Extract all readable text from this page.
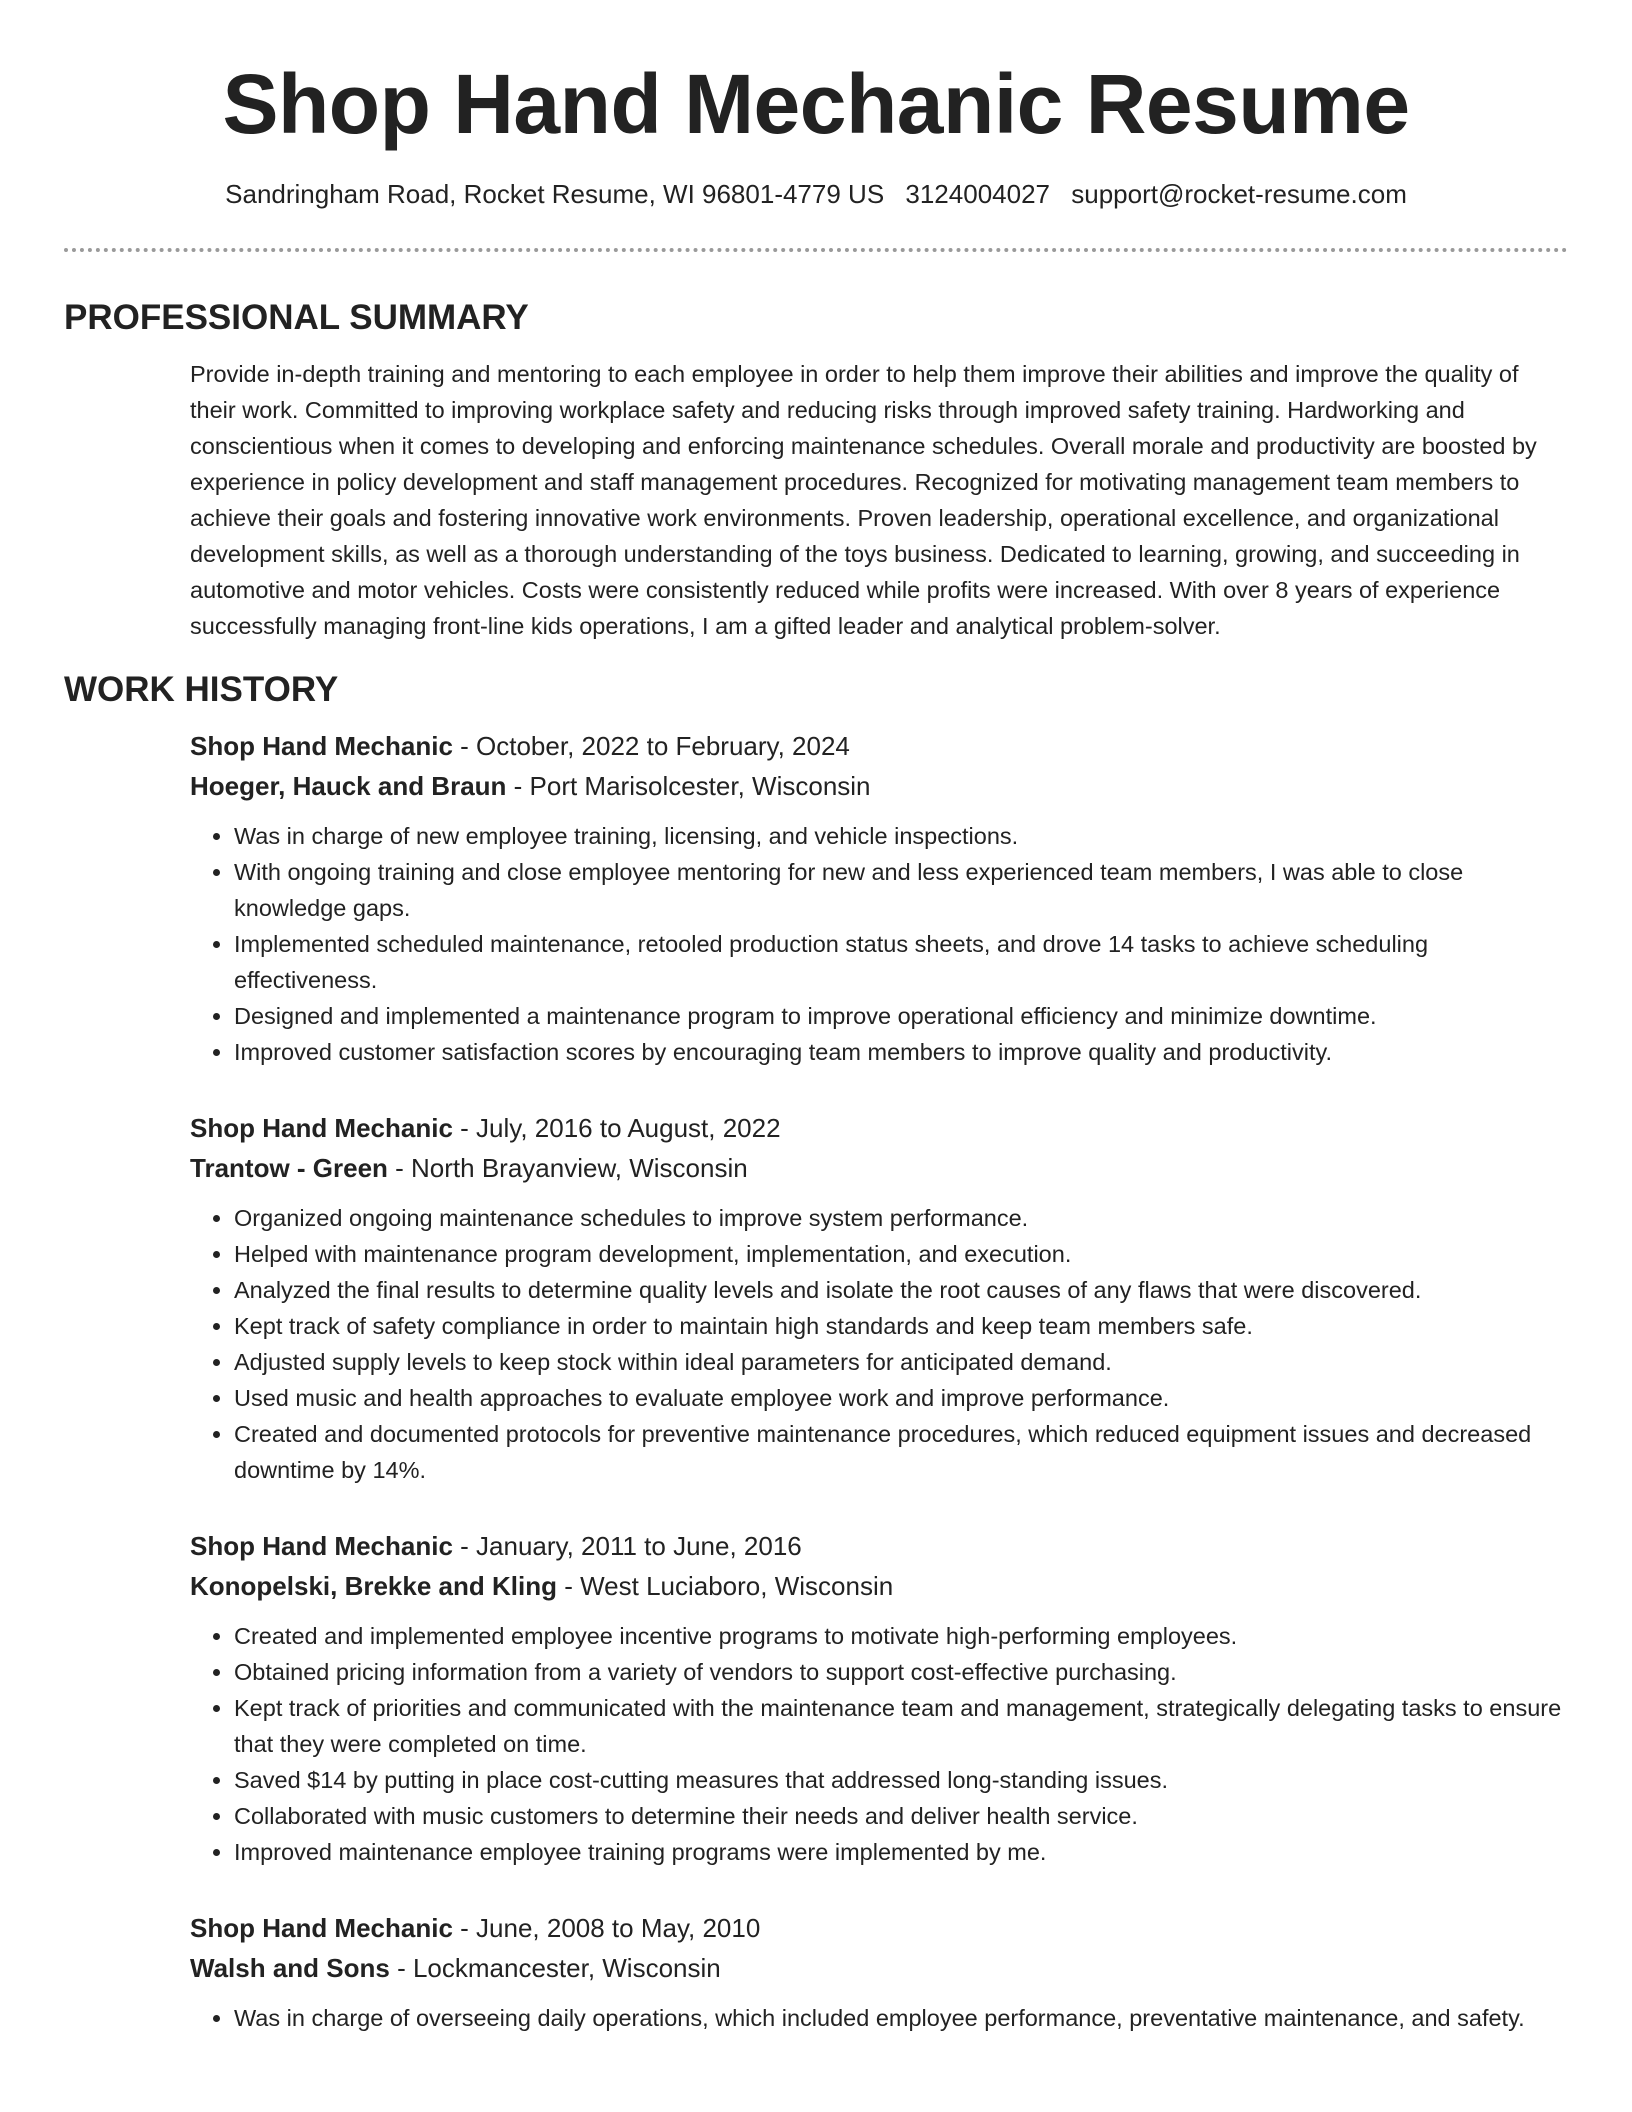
Shop Hand Mechanic Resume
Sandringham Road, Rocket Resume, WI 96801-4779 US 3124004027 support@rocket-resume.com
PROFESSIONAL SUMMARY
Provide in-depth training and mentoring to each employee in order to help them improve their abilities and improve the quality of their work. Committed to improving workplace safety and reducing risks through improved safety training. Hardworking and conscientious when it comes to developing and enforcing maintenance schedules. Overall morale and productivity are boosted by experience in policy development and staff management procedures. Recognized for motivating management team members to achieve their goals and fostering innovative work environments. Proven leadership, operational excellence, and organizational development skills, as well as a thorough understanding of the toys business. Dedicated to learning, growing, and succeeding in automotive and motor vehicles. Costs were consistently reduced while profits were increased. With over 8 years of experience successfully managing front-line kids operations, I am a gifted leader and analytical problem-solver.
WORK HISTORY
Shop Hand Mechanic - October, 2022 to February, 2024
Hoeger, Hauck and Braun - Port Marisolcester, Wisconsin
• Was in charge of new employee training, licensing, and vehicle inspections.
• With ongoing training and close employee mentoring for new and less experienced team members, I was able to close knowledge gaps.
• Implemented scheduled maintenance, retooled production status sheets, and drove 14 tasks to achieve scheduling effectiveness.
• Designed and implemented a maintenance program to improve operational efficiency and minimize downtime.
• Improved customer satisfaction scores by encouraging team members to improve quality and productivity.
Shop Hand Mechanic - July, 2016 to August, 2022
Trantow - Green - North Brayanview, Wisconsin
• Organized ongoing maintenance schedules to improve system performance.
• Helped with maintenance program development, implementation, and execution.
• Analyzed the final results to determine quality levels and isolate the root causes of any flaws that were discovered.
• Kept track of safety compliance in order to maintain high standards and keep team members safe.
• Adjusted supply levels to keep stock within ideal parameters for anticipated demand.
• Used music and health approaches to evaluate employee work and improve performance.
• Created and documented protocols for preventive maintenance procedures, which reduced equipment issues and decreased downtime by 14%.
Shop Hand Mechanic - January, 2011 to June, 2016
Konopelski, Brekke and Kling - West Luciaboro, Wisconsin
• Created and implemented employee incentive programs to motivate high-performing employees.
• Obtained pricing information from a variety of vendors to support cost-effective purchasing.
• Kept track of priorities and communicated with the maintenance team and management, strategically delegating tasks to ensure that they were completed on time.
• Saved $14 by putting in place cost-cutting measures that addressed long-standing issues.
• Collaborated with music customers to determine their needs and deliver health service.
• Improved maintenance employee training programs were implemented by me.
Shop Hand Mechanic - June, 2008 to May, 2010
Walsh and Sons - Lockmancester, Wisconsin
• Was in charge of overseeing daily operations, which included employee performance, preventative maintenance, and safety.
